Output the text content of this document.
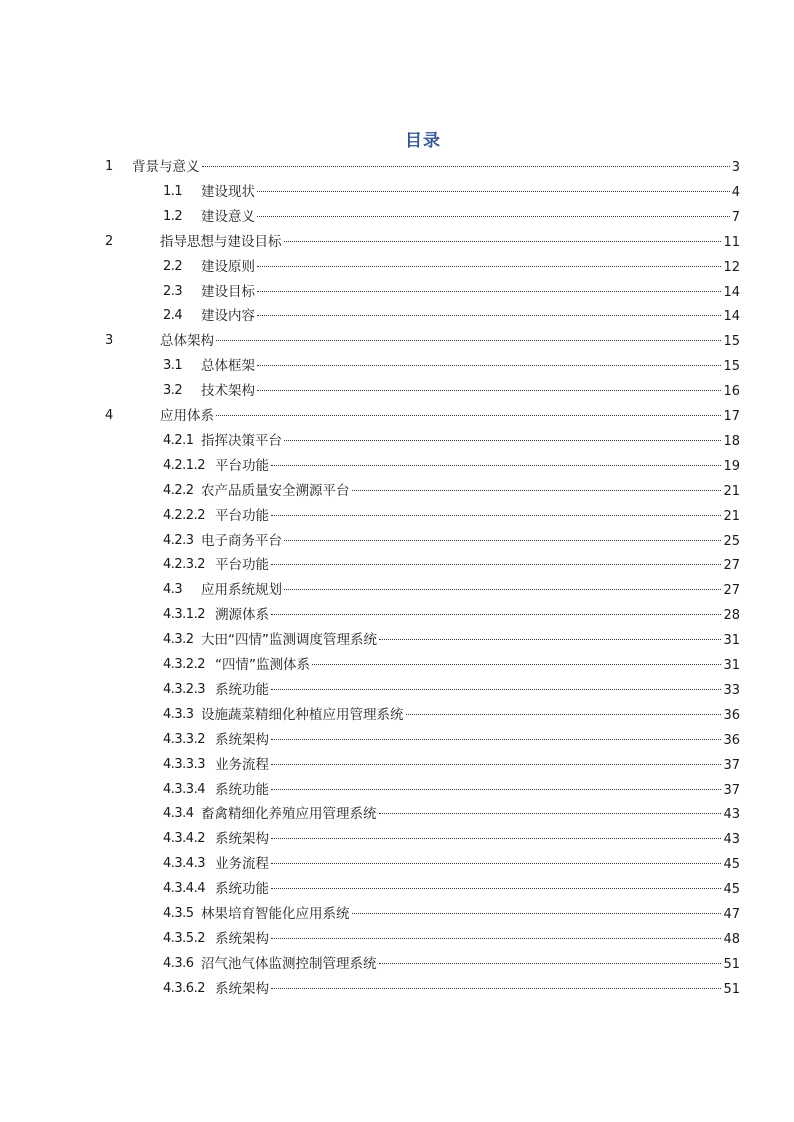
目录
1 背景与意义	3
1.1 建设现状	4
1.2 建设意义	7
2	指导思想与建设目标	11
2.2 建设原则	12
2.3 建设目标	14
2.4 建设内容	14
3	总体架构	15
3.1 总体框架	15
3.2 技术架构	16
4	应用体系	17
4.2.1 指挥决策平台	18
4.2.1.2 平台功能	19
4.2.2 农产品质量安全溯源平台	21
4.2.2.2 平台功能	21
4.2.3 电子商务平台	25
4.2.3.2 平台功能	27
4.3 应用系统规划	27
4.3.1.2 溯源体系	28
4.3.2 大田“四情”监测调度管理系统	31
4.3.2.2 “四情”监测体系	31
4.3.2.3 系统功能	33
4.3.3 设施蔬菜精细化种植应用管理系统	36
4.3.3.2 系统架构	36
4.3.3.3 业务流程	37
4.3.3.4 系统功能	37
4.3.4 畜禽精细化养殖应用管理系统	43
4.3.4.2 系统架构	43
4.3.4.3 业务流程	45
4.3.4.4 系统功能	45
4.3.5 林果培育智能化应用系统	47
4.3.5.2 系统架构	48
4.3.6 沼气池气体监测控制管理系统	51
4.3.6.2 系统架构	51
